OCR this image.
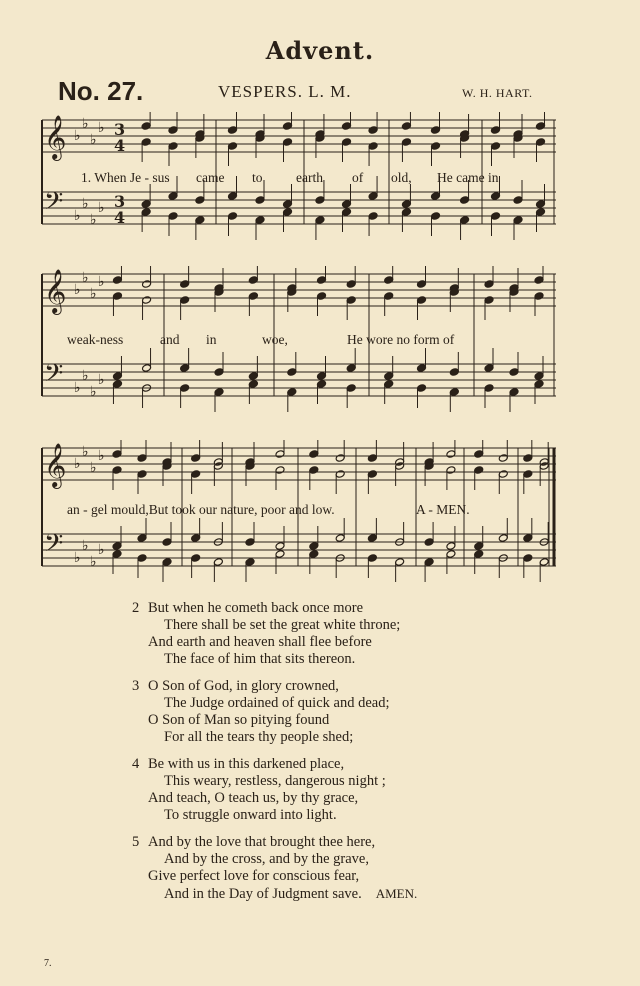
Advent.
No. 27.	VESPERS. L. M.	W. H. HART.
𝄞 ♭
♭
♭
♭ 3
4
𝄢 ♭
♭
♭
♭ 3
4
1. When Je - sus came to earth of old, He came in
𝄞 ♭
♭
♭
♭
𝄢 ♭
♭
♭
♭
weak-ness	and in	woe,	He wore no form of
𝄞 ♭
♭
♭
♭
𝄢 ♭
♭
♭
♭
an - gel mould,But took our nature, poor and low.	A - MEN.
2 But when he cometh back once more
There shall be set the great white throne;
And earth and heaven shall flee before
The face of him that sits thereon.
3 O Son of God, in glory crowned,
The Judge ordained of quick and dead;
O Son of Man so pitying found
For all the tears thy people shed;
4 Be with us in this darkened place,
This weary, restless, dangerous night ;
And teach, O teach us, by thy grace,
To struggle onward into light.
5 And by the love that brought thee here,
And by the cross, and by the grave,
Give perfect love for conscious fear,
And in the Day of Judgment save. AMEN.
7.
